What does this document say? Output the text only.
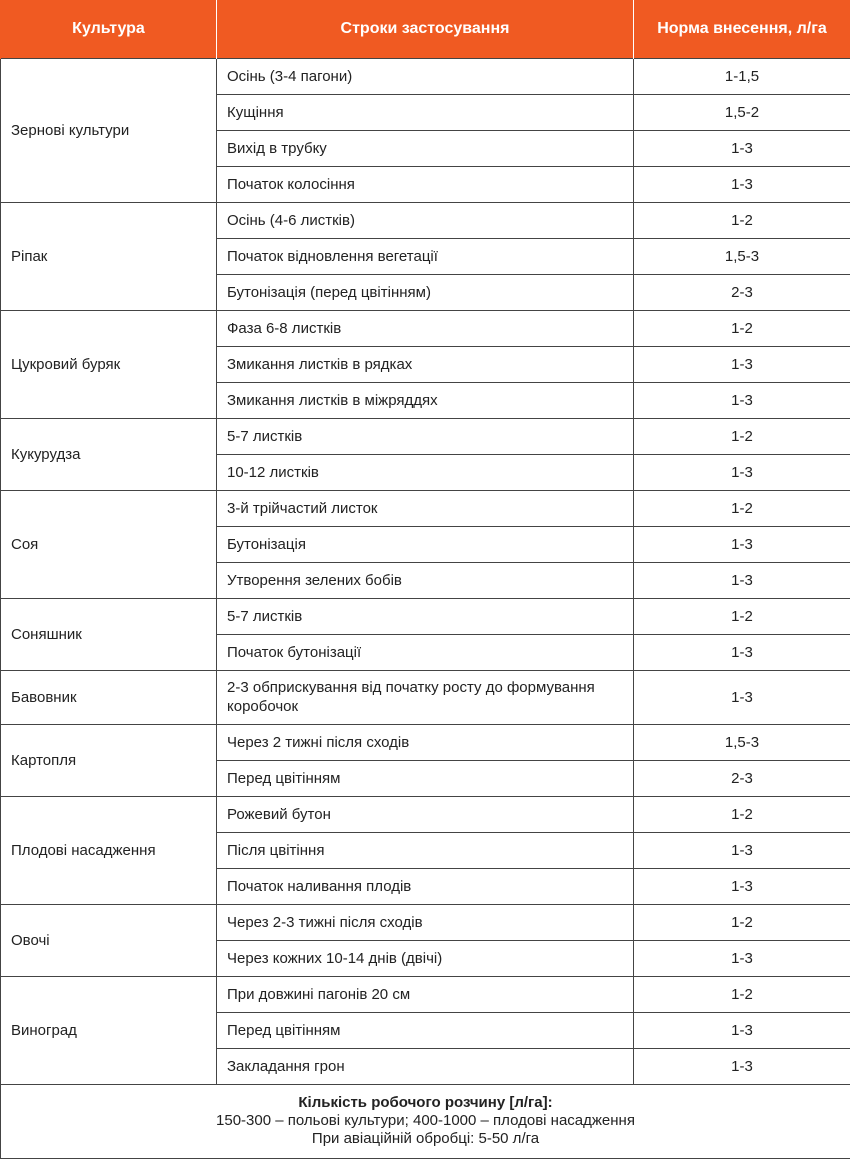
Культура	Строки застосування	Норма внесення, л/га
Зернові культури	Осінь (3-4 пагони)	1-1,5
	Кущіння	1,5-2
	Вихід в трубку	1-3
	Початок колосіння	1-3
Ріпак	Осінь (4-6 листків)	1-2
	Початок відновлення вегетації	1,5-3
	Бутонізація (перед цвітінням)	2-3
Цукровий буряк	Фаза 6-8 листків	1-2
	Змикання листків в рядках	1-3
	Змикання листків в міжряддях	1-3
Кукурудза	5-7 листків	1-2
	10-12 листків	1-3
Соя	3-й трійчастий листок	1-2
	Бутонізація	1-3
	Утворення зелених бобів	1-3
Соняшник	5-7 листків	1-2
	Початок бутонізації	1-3
Бавовник	2-3 обприскування від початку росту до формування коробочок	1-3
Картопля	Через 2 тижні після сходів	1,5-3
	Перед цвітінням	2-3
Плодові насадження	Рожевий бутон	1-2
	Після цвітіння	1-3
	Початок наливання плодів	1-3
Овочі	Через 2-3 тижні після сходів	1-2
	Через кожних 10-14 днів (двічі)	1-3
Виноград	При довжині пагонів 20 см	1-2
	Перед цвітінням	1-3
	Закладання грон	1-3

Кількість робочого розчину [л/га]:
150-300 – польові культури; 400-1000 – плодові насадження
При авіаційній обробці: 5-50 л/га		
